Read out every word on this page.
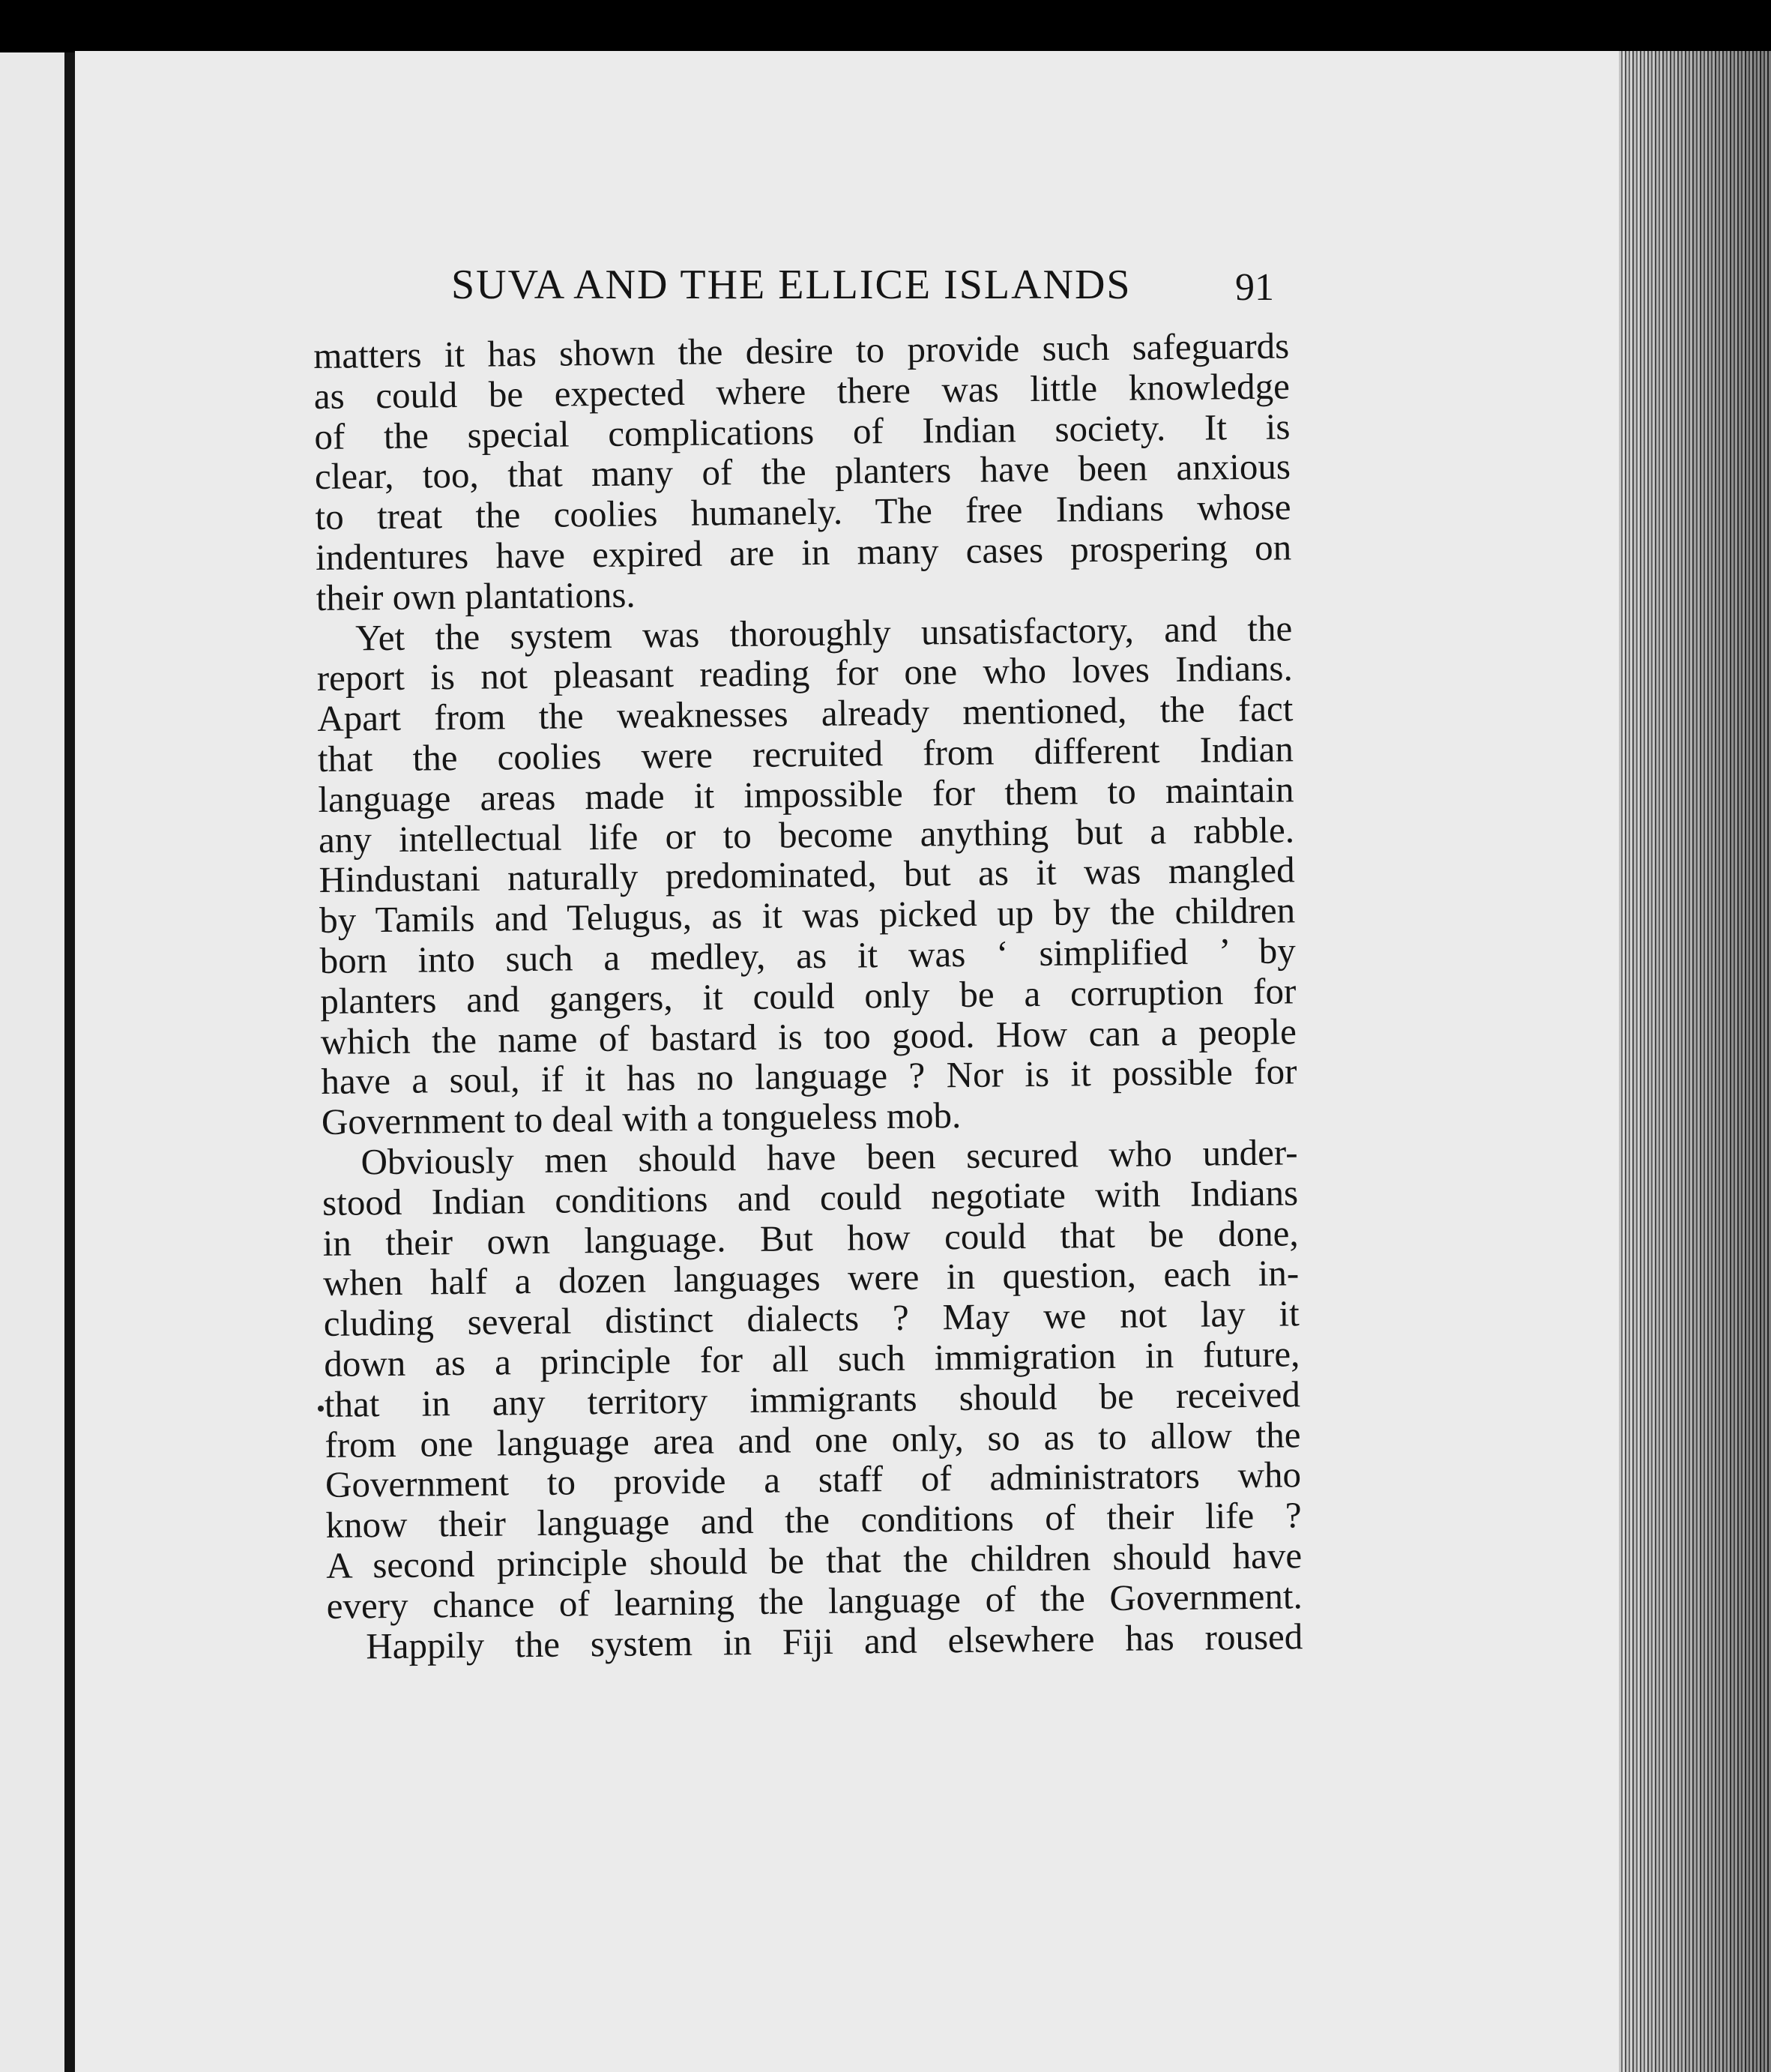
SUVA AND THE ELLICE ISLANDS	91
matters it has shown the desire to provide such safeguards
as could be expected where there was little knowledge
of the special complications of Indian society. It is
clear, too, that many of the planters have been anxious
to treat the coolies humanely. The free Indians whose
indentures have expired are in many cases prospering on
their own plantations.
Yet the system was thoroughly unsatisfactory, and the
report is not pleasant reading for one who loves Indians.
Apart from the weaknesses already mentioned, the fact
that the coolies were recruited from different Indian
language areas made it impossible for them to maintain
any intellectual life or to become anything but a rabble.
Hindustani naturally predominated, but as it was mangled
by Tamils and Telugus, as it was picked up by the children
born into such a medley, as it was ‘ simplified ’ by
planters and gangers, it could only be a corruption for
which the name of bastard is too good. How can a people
have a soul, if it has no language ? Nor is it possible for
Government to deal with a tongueless mob.
Obviously men should have been secured who under-
stood Indian conditions and could negotiate with Indians
in their own language. But how could that be done,
when half a dozen languages were in question, each in-
cluding several distinct dialects ? May we not lay it
down as a principle for all such immigration in future,
that in any territory immigrants should be received
from one language area and one only, so as to allow the
Government to provide a staff of administrators who
know their language and the conditions of their life ?
A second principle should be that the children should have
every chance of learning the language of the Government.
Happily the system in Fiji and elsewhere has roused
